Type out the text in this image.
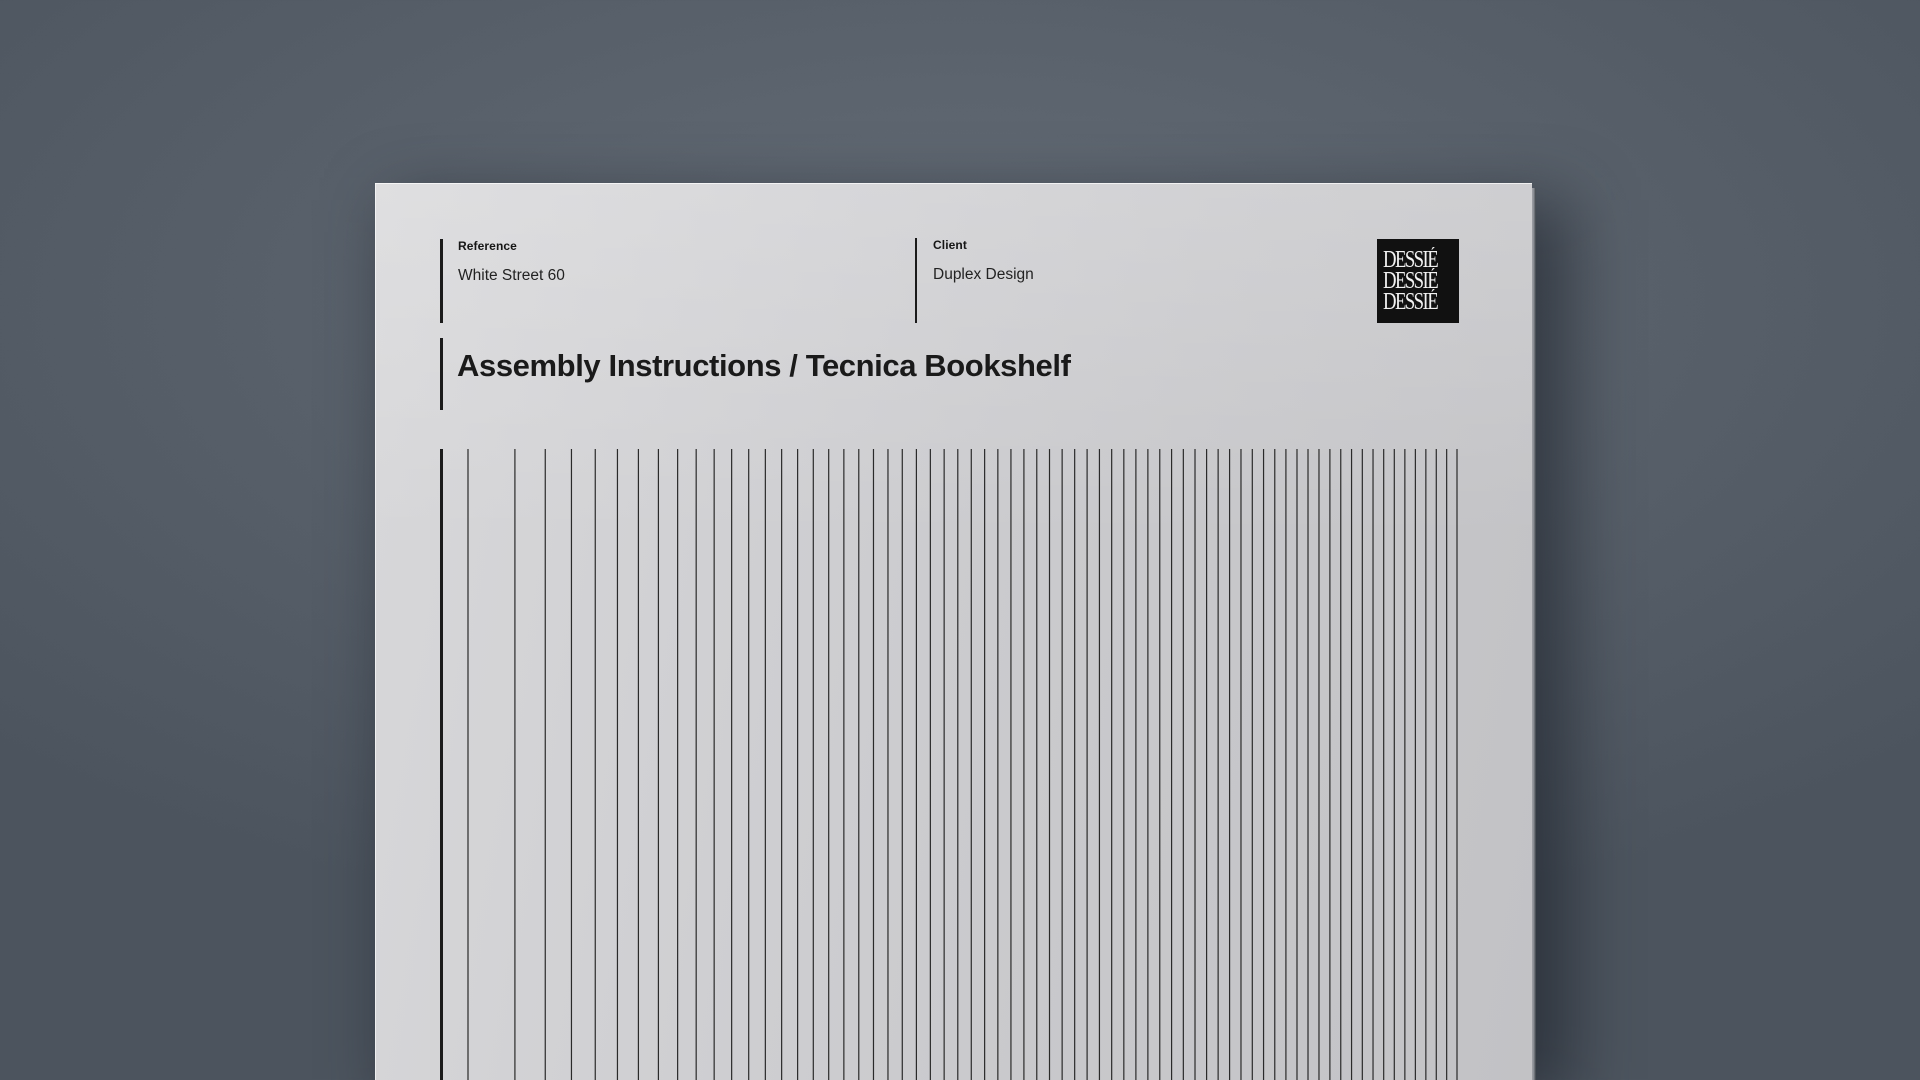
Reference
White Street 60
Client
Duplex Design
DESSIÉ
DESSIÉ
DESSIÉ
Assembly Instructions / Tecnica Bookshelf
